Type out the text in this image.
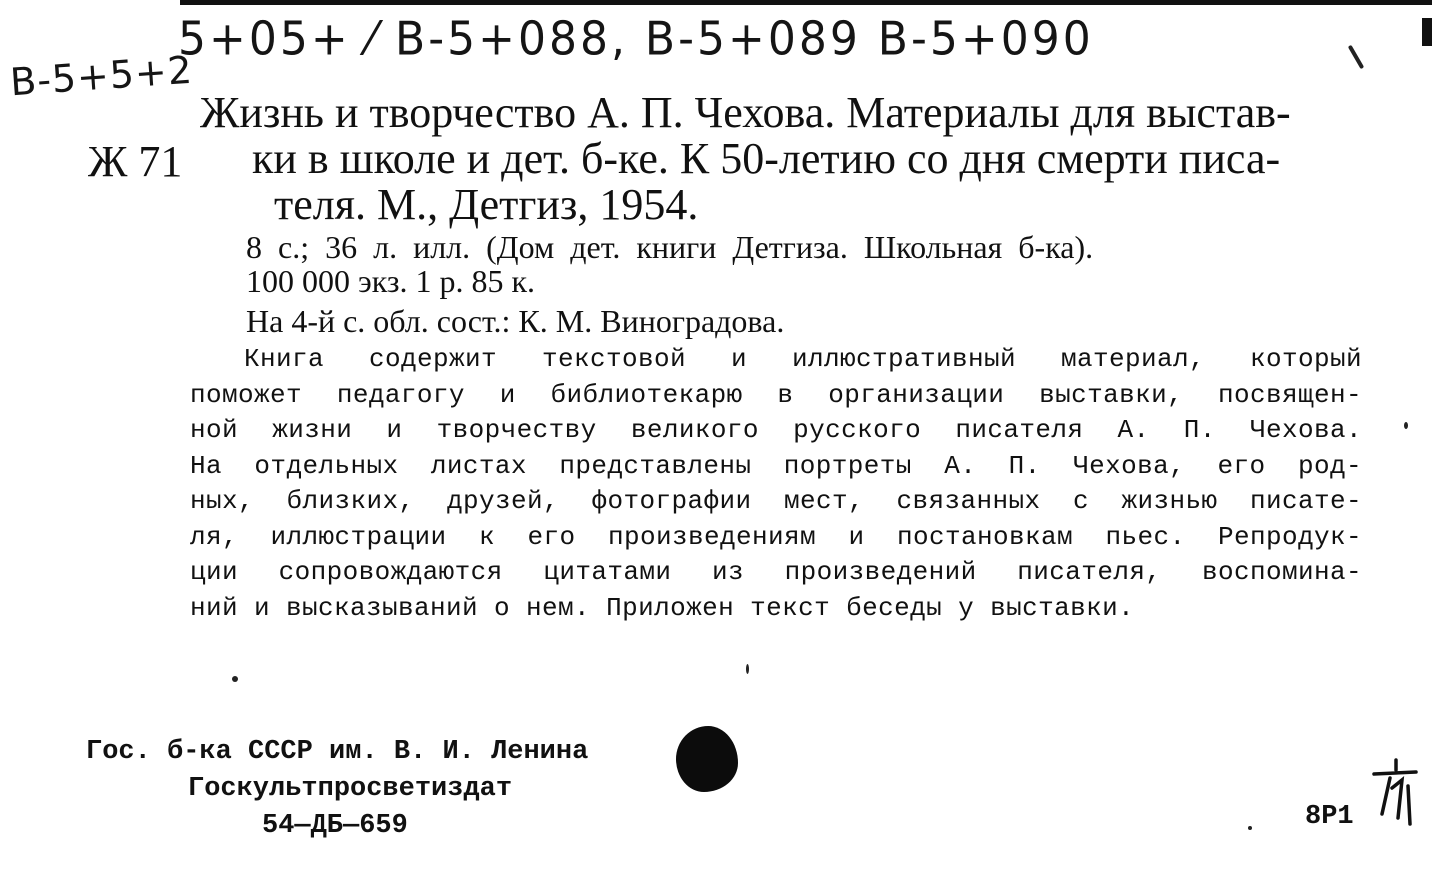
5+05+ ⁄ В-5+088, В-5+089 В-5+090
В-5+5+2
Ж 71
Жизнь и творчество А. П. Чехова. Материалы для выстав-
ки в школе и дет. б-ке. К 50-летию со дня смерти писа-
теля. М., Детгиз, 1954.
8 с.; 36 л. илл. (Дом дет. книги Детгиза. Школьная б-ка).
100 000 экз. 1 р. 85 к.
На 4-й с. обл. сост.: К. М. Виноградова.
Книга содержит текстовой и иллюстративный материал, который
поможет педагогу и библиотекарю в организации выставки, посвящен-
ной жизни и творчеству великого русского писателя А. П. Чехова.
На отдельных листах представлены портреты А. П. Чехова, его род-
ных, близких, друзей, фотографии мест, связанных с жизнью писате-
ля, иллюстрации к его произведениям и постановкам пьес. Репродук-
ции сопровождаются цитатами из произведений писателя, воспомина-
ний и высказываний о нем. Приложен текст беседы у выставки.
Гос. б-ка СССР им. В. И. Ленина
Госкультпросветиздат
54—ДБ—659	8Р1
